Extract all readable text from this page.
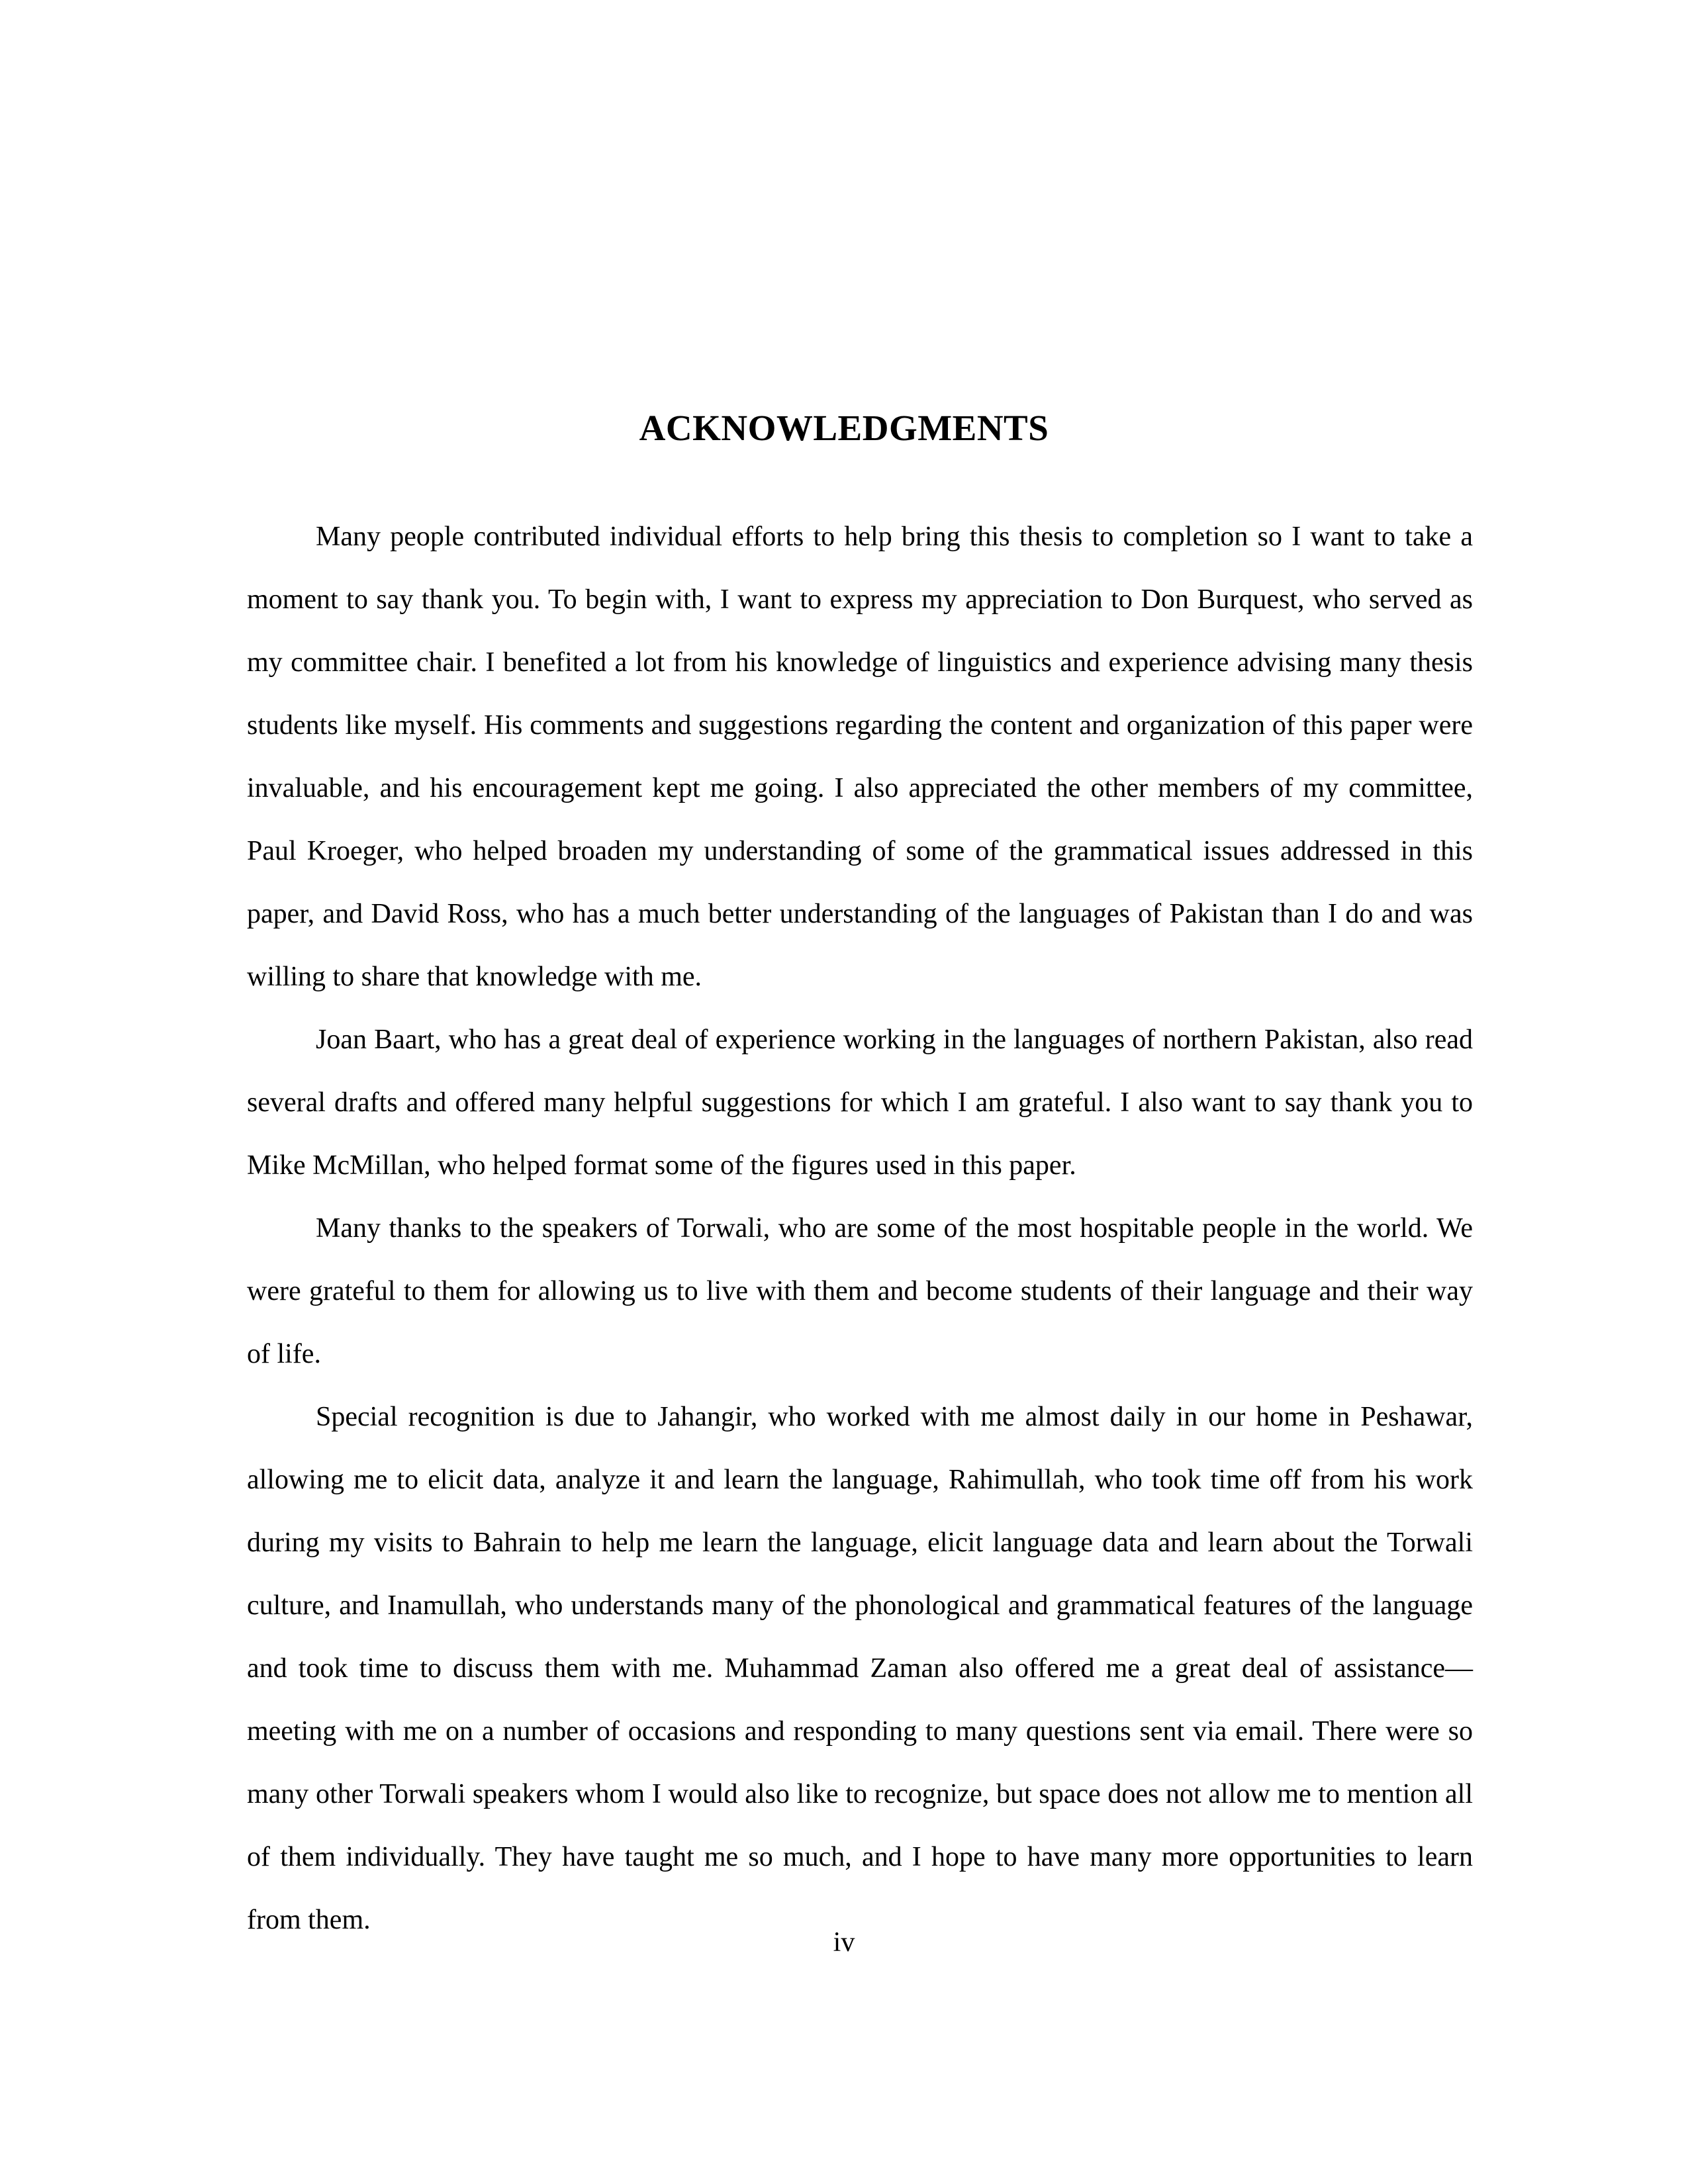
ACKNOWLEDGMENTS

Many people contributed individual efforts to help bring this thesis to completion so I want to take a moment to say thank you. To begin with, I want to express my appreciation to Don Burquest, who served as my committee chair. I benefited a lot from his knowledge of linguistics and experience advising many thesis students like myself. His comments and suggestions regarding the content and organization of this paper were invaluable, and his encouragement kept me going. I also appreciated the other members of my committee, Paul Kroeger, who helped broaden my understanding of some of the grammatical issues addressed in this paper, and David Ross, who has a much better understanding of the languages of Pakistan than I do and was willing to share that knowledge with me.

Joan Baart, who has a great deal of experience working in the languages of northern Pakistan, also read several drafts and offered many helpful suggestions for which I am grateful. I also want to say thank you to Mike McMillan, who helped format some of the figures used in this paper.

Many thanks to the speakers of Torwali, who are some of the most hospitable people in the world. We were grateful to them for allowing us to live with them and become students of their language and their way of life.

Special recognition is due to Jahangir, who worked with me almost daily in our home in Peshawar, allowing me to elicit data, analyze it and learn the language, Rahimullah, who took time off from his work during my visits to Bahrain to help me learn the language, elicit language data and learn about the Torwali culture, and Inamullah, who understands many of the phonological and grammatical features of the language and took time to discuss them with me. Muhammad Zaman also offered me a great deal of assistance—meeting with me on a number of occasions and responding to many questions sent via email. There were so many other Torwali speakers whom I would also like to recognize, but space does not allow me to mention all of them individually. They have taught me so much, and I hope to have many more opportunities to learn from them.

iv
